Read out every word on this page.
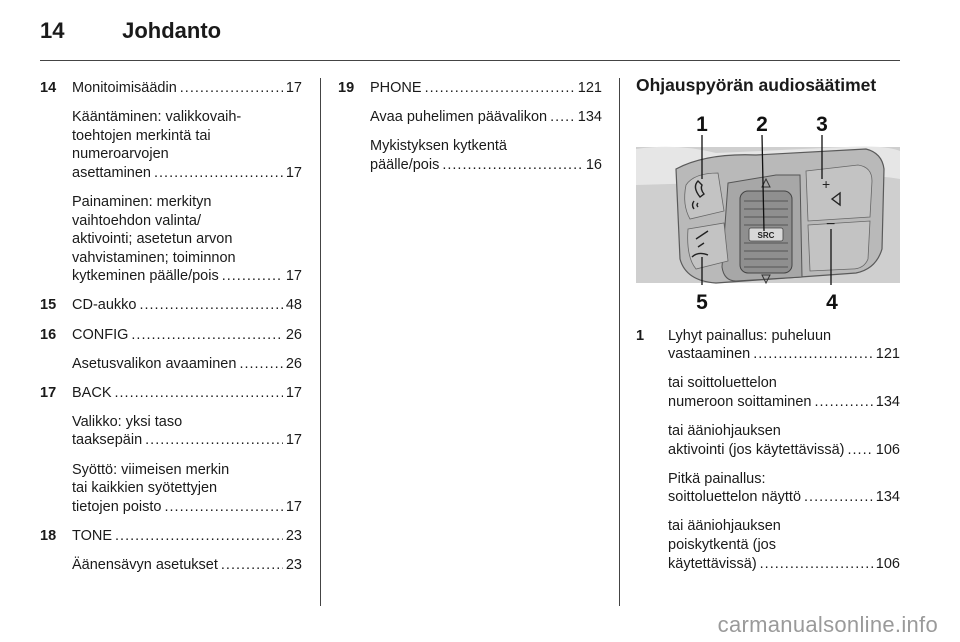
14	Johdanto
14 Monitoimisäädin .....	17
Kääntäminen: valikkovaih-
toehtojen merkintä tai
numeroarvojen
asettaminen .....	17
Painaminen: merkityn
vaihtoehdon valinta/
aktivointi; asetetun arvon
vahvistaminen; toiminnon
kytkeminen päälle/pois .....	17
15 CD-aukko .....	48
16 CONFIG .....	26
Asetusvalikon avaaminen .....	26
17 BACK .....	17
Valikko: yksi taso
taaksepäin .....	17
Syöttö: viimeisen merkin
tai kaikkien syötettyjen
tietojen poisto .....	17
18 TONE .....	23
Äänensävyn asetukset .....	23
19 PHONE .....	121
Avaa puhelimen päävalikon ..... 134
Mykistyksen kytkentä
päälle/pois .....	16
Ohjauspyörän audiosäätimet
SRC
+
−
1 2 3
4
5
1 Lyhyt painallus: puheluun
vastaaminen .....	121
tai soittoluettelon
numeroon soittaminen .....	134
tai ääniohjauksen
aktivointi (jos käytettävissä) ..... 106
Pitkä painallus:
soittoluettelon näyttö .....	134
tai ääniohjauksen
poiskytkentä (jos
käytettävissä) .....	106
carmanualsonline.info
